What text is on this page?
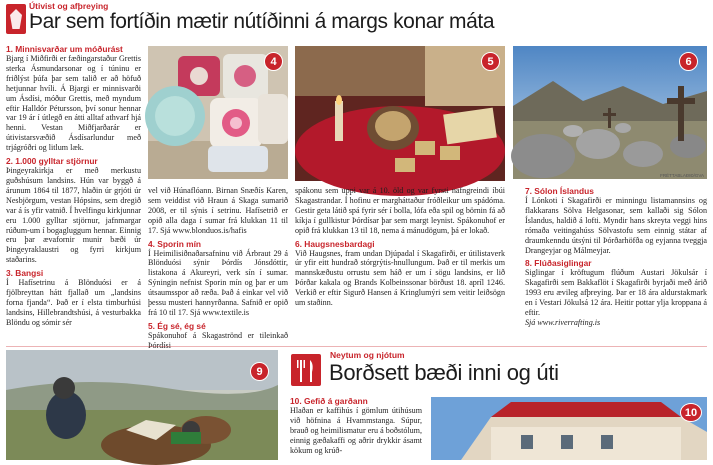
Útivist og afþreying
Þar sem fortíðin mætir nútíðinni á margs konar máta
1. Minnisvarðar um móðurást

Bjarg í Miðfirði er fæðingarstaður Grettis sterka Ásmundarsonar og í túninu er friðlýst þúfa þar sem talið er að höfuð hetjunnar hvíli. Á Bjargi er minnisvarði um Ásdísi, móður Grettis, með myndum eftir Halldór Pétursson, því sonur hennar var 19 ár í útlegð en átti alltaf athvarf hjá henni. Vestan Miðfjarðarár er útivistarsvæðið Ásdísarlundur með trjágróðri og litlum læk.

2. 1.000 gylltar stjörnur

Þingeyrakirkja er með merkustu guðshúsum landsins. Hún var byggð á árunum 1864 til 1877, hlaðin úr grjóti úr Nesbjörgum, vestan Hópsins, sem dregið var á ís yfir vatnið. Í hvelfingu kirkjunnar eru 1.000 gylltar stjörnur, jafnmargar rúðum-um í bogagluggum hennar. Einnig eru þar ævafornir munir bæði úr Þingeyraklaustri og fyrri kirkjum staðarins.

3. Bangsi

Í Hafísetrinu á Blönduósi er á fjölbreyttan hátt fjallað um „landsins forna fjanda“. Það er í elsta timburhúsi landsins, Hillebrandtshúsi, á vesturbakka Blöndu og sómir sér

4	5	6
FRÉTTABLAÐIÐ/GVA

vel við Húnaflóann. Birnan Snæðís Karen, sem veiddist við Hraun á Skaga sumarið 2008, er til sýnis í setrinu. Hafísetrið er opið alla daga í sumar frá klukkan 11 til 17. Sjá www.blonduos.is/hafis

4. Sporin mín

Í Heimilisiðnaðarsafninu við Árbraut 29 á Blönduósi sýnir Þórdís Jónsdóttir, listakona á Akureyri, verk sín í sumar. Sýningin nefnist Sporin mín og þar er um útsaumsspor að ræða. Það á einkar vel við þessu musteri hannyrðanna. Safnið er opið frá 10 til 17. Sjá www.textile.is

5. Ég sé, ég sé

Spákonuhof á Skagaströnd er tileinkað Þórdísi

spákonu sem uppi var á 10. öld og var fyrsti nafngreindi íbúi Skagastrandar. Í hofinu er margháttaður fróðleikur um spádóma. Gestir geta látið spá fyrir sér í bolla, lófa eða spil og börnin fá að kíkja í gullkistur Þórdísar þar sem margt leynist. Spákonuhof er opið frá klukkan 13 til 18, nema á mánudögum, þá er lokað.

6. Haugsnesbardagi

Við Haugsnes, fram undan Djúpadal í Skagafirði, er útilistaverk úr yfir eitt hundrað stórgrýtis-hnullungum. Það er til merkis um mannskæðustu orrustu sem háð er um í sögu landsins, er lið Þórðar kakala og Brands Kolbeinssonar börðust 18. apríl 1246. Verkið er eftir Sigurð Hansen á Kringlumýri sem veitir leiðsögn um staðinn.

7. Sólon Íslandus

Í Lónkoti í Skagafirði er minningu listamannsins og flakkarans Sölva Helgasonar, sem kallaði sig Sólon Íslandus, haldið á lofti. Myndir hans skreyta veggi hins rómaða veitingahúss Sölvastofu sem einnig státar af draumkenndu útsýni til Þórðarhöfða og eyjanna tveggja Drangeyjar og Málmeyjar.

8. Flúðasiglingar

Siglingar í kröftugum flúðum Austari Jökulsár í Skagafirði sem Bakkaflöt í Skagafirði byrjaði með árið 1993 eru ævileg afþreying. Þar er 18 ára aldurstakmark en í Vestari Jökulsá 12 ára. Heitir pottar ylja kroppana á eftir.

Sjá www.riverrafting.is

9
Neytum og njótum
Borðsett bæði inni og úti
10. Gefið á garðann

Hlaðan er kaffihús í gömlum útihúsum við höfnina á Hvammstanga. Súpur, brauð og heimilismatur eru á boðstólum, einnig gæðakaffi og aðrir drykkir ásamt kökum og krúð-

10
